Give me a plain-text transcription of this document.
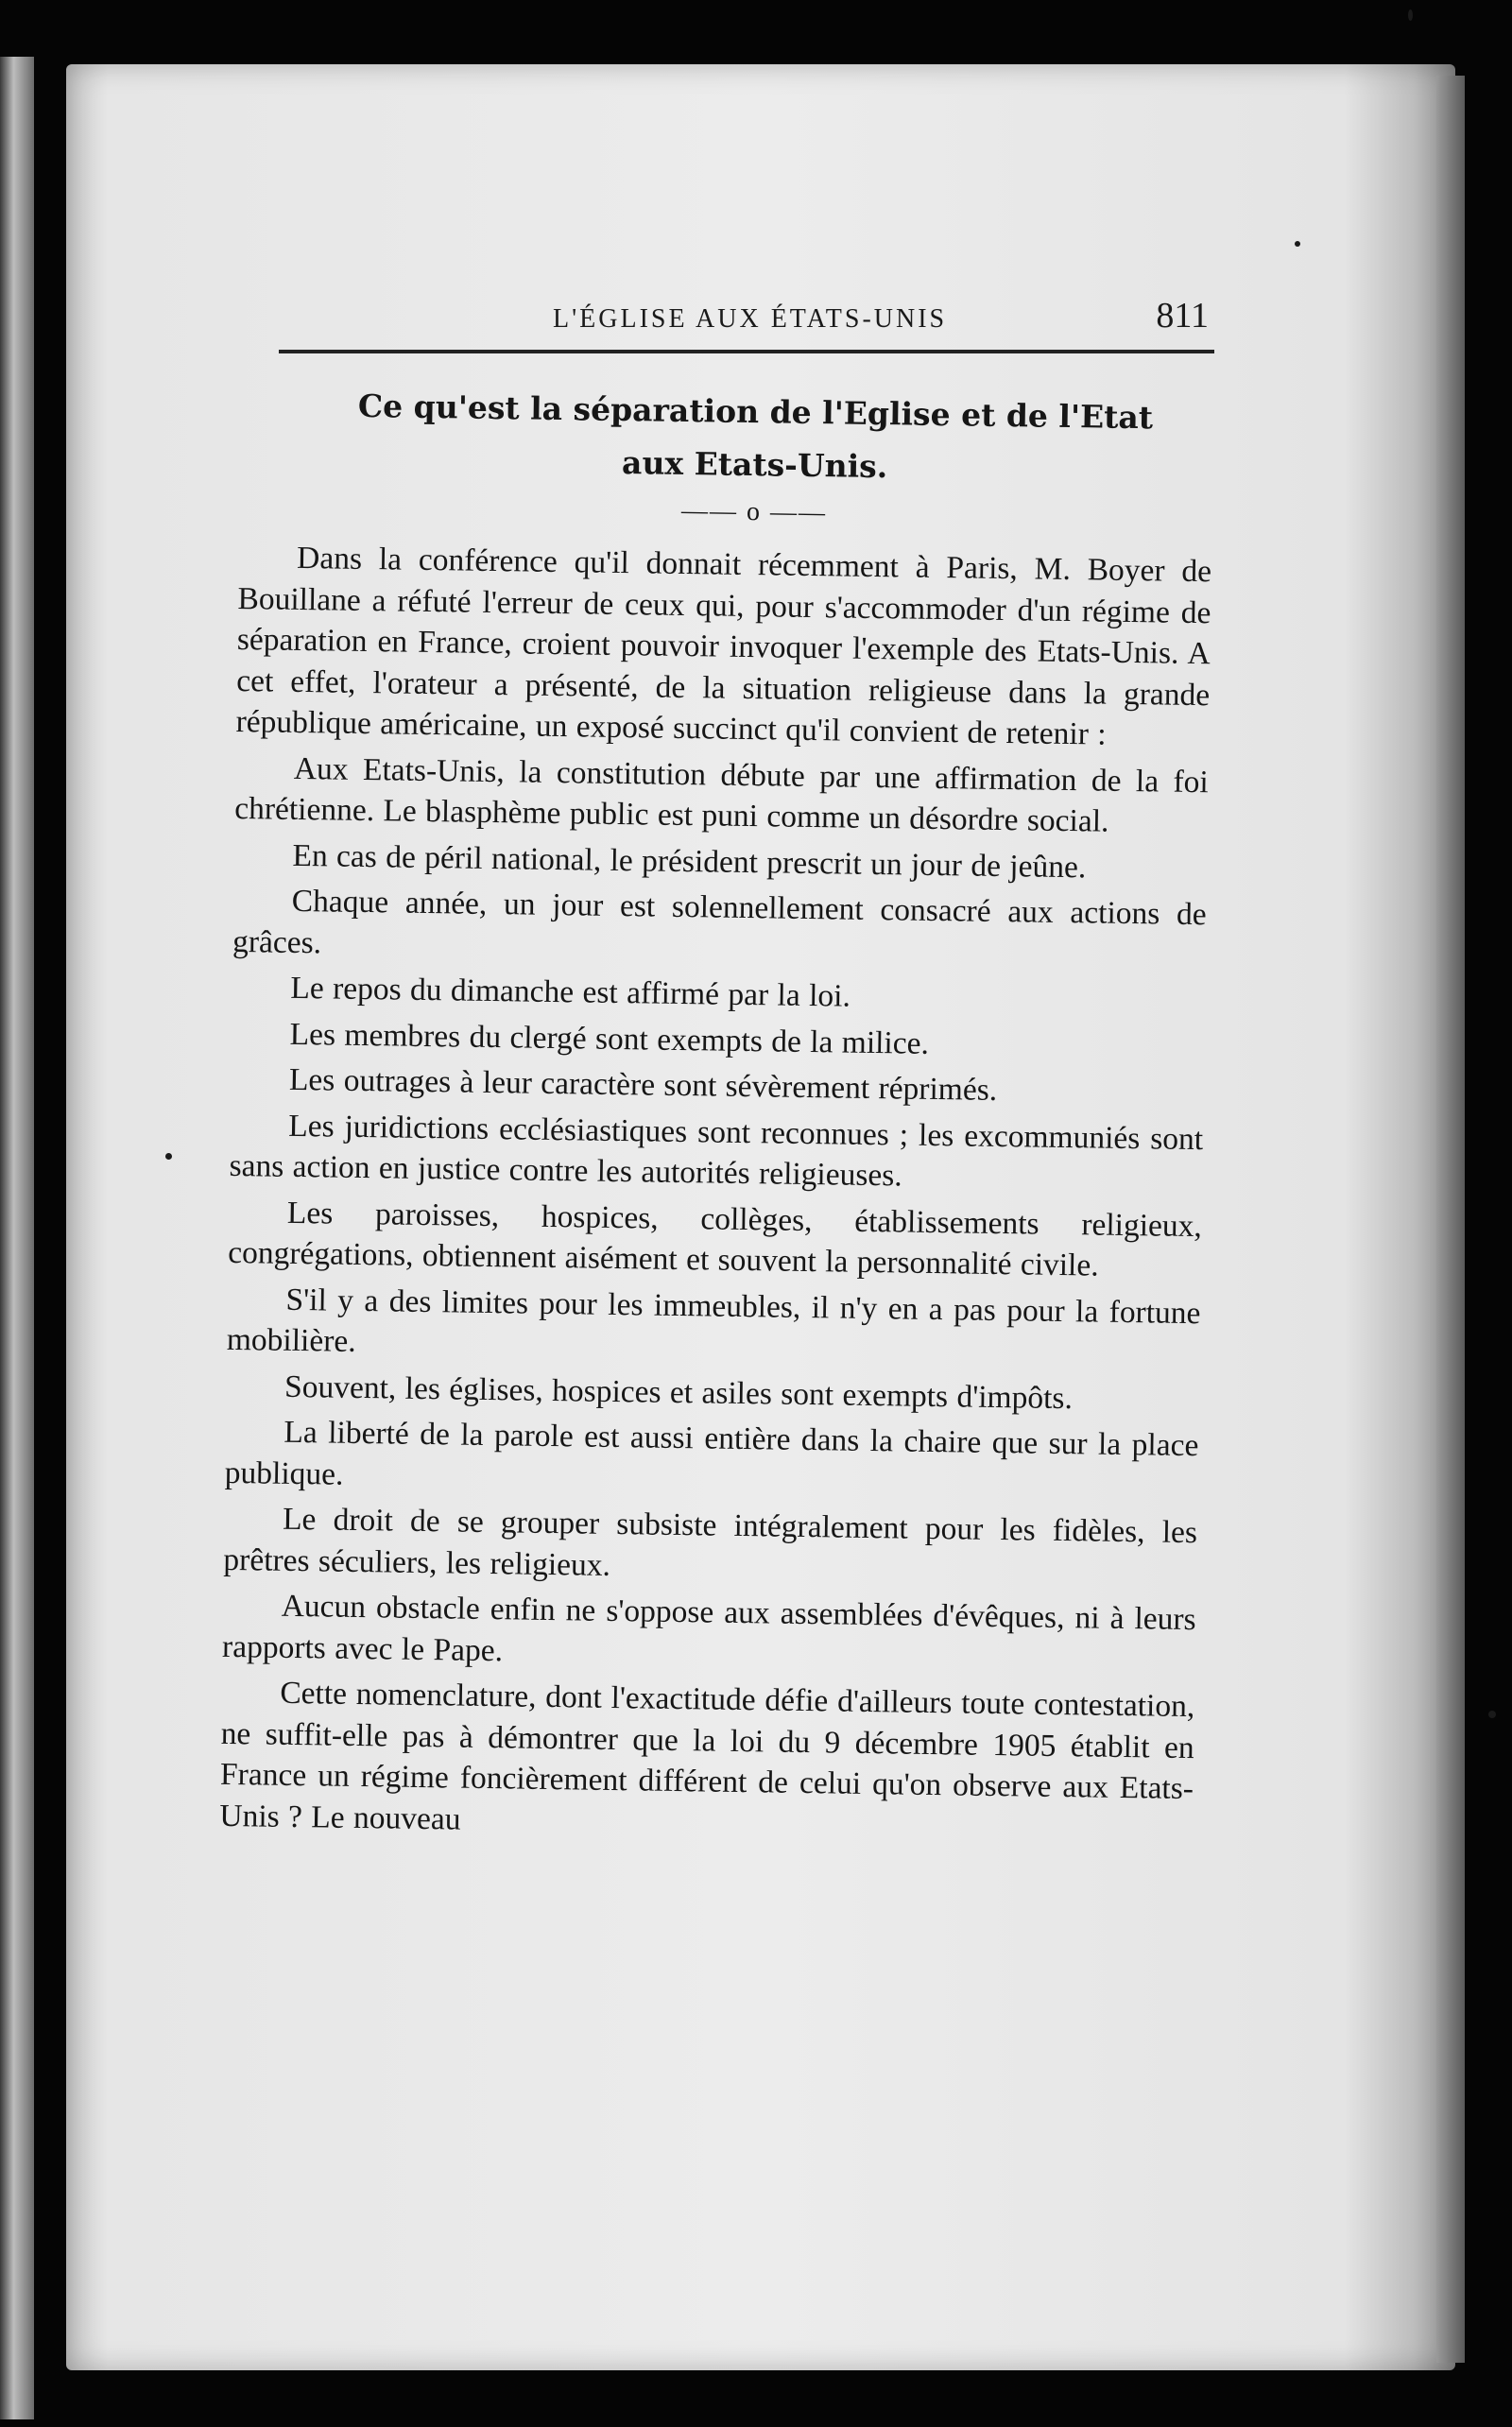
L'ÉGLISE AUX ÉTATS-UNIS	811
Ce qu'est la séparation de l'Eglise et de l'Etat
aux Etats-Unis.
—— o ——

Dans la conférence qu'il donnait récemment à Paris, M. Boyer de Bouillane a réfuté l'erreur de ceux qui, pour s'accommoder d'un régime de séparation en France, croient pouvoir invoquer l'exemple des Etats-Unis. A cet effet, l'orateur a présenté, de la situation religieuse dans la grande république américaine, un exposé succinct qu'il convient de retenir :

Aux Etats-Unis, la constitution débute par une affirmation de la foi chrétienne. Le blasphème public est puni comme un désordre social.

En cas de péril national, le président prescrit un jour de jeûne.

Chaque année, un jour est solennellement consacré aux actions de grâces.

Le repos du dimanche est affirmé par la loi.

Les membres du clergé sont exempts de la milice.

Les outrages à leur caractère sont sévèrement réprimés.

Les juridictions ecclésiastiques sont reconnues ; les excommuniés sont sans action en justice contre les autorités religieuses.

Les paroisses, hospices, collèges, établissements religieux, congrégations, obtiennent aisément et souvent la personnalité civile.

S'il y a des limites pour les immeubles, il n'y en a pas pour la fortune mobilière.

Souvent, les églises, hospices et asiles sont exempts d'impôts.

La liberté de la parole est aussi entière dans la chaire que sur la place publique.

Le droit de se grouper subsiste intégralement pour les fidèles, les prêtres séculiers, les religieux.

Aucun obstacle enfin ne s'oppose aux assemblées d'évêques, ni à leurs rapports avec le Pape.

Cette nomenclature, dont l'exactitude défie d'ailleurs toute contestation, ne suffit-elle pas à démontrer que la loi du 9 décembre 1905 établit en France un régime foncièrement différent de celui qu'on observe aux Etats-Unis ? Le nouveau
